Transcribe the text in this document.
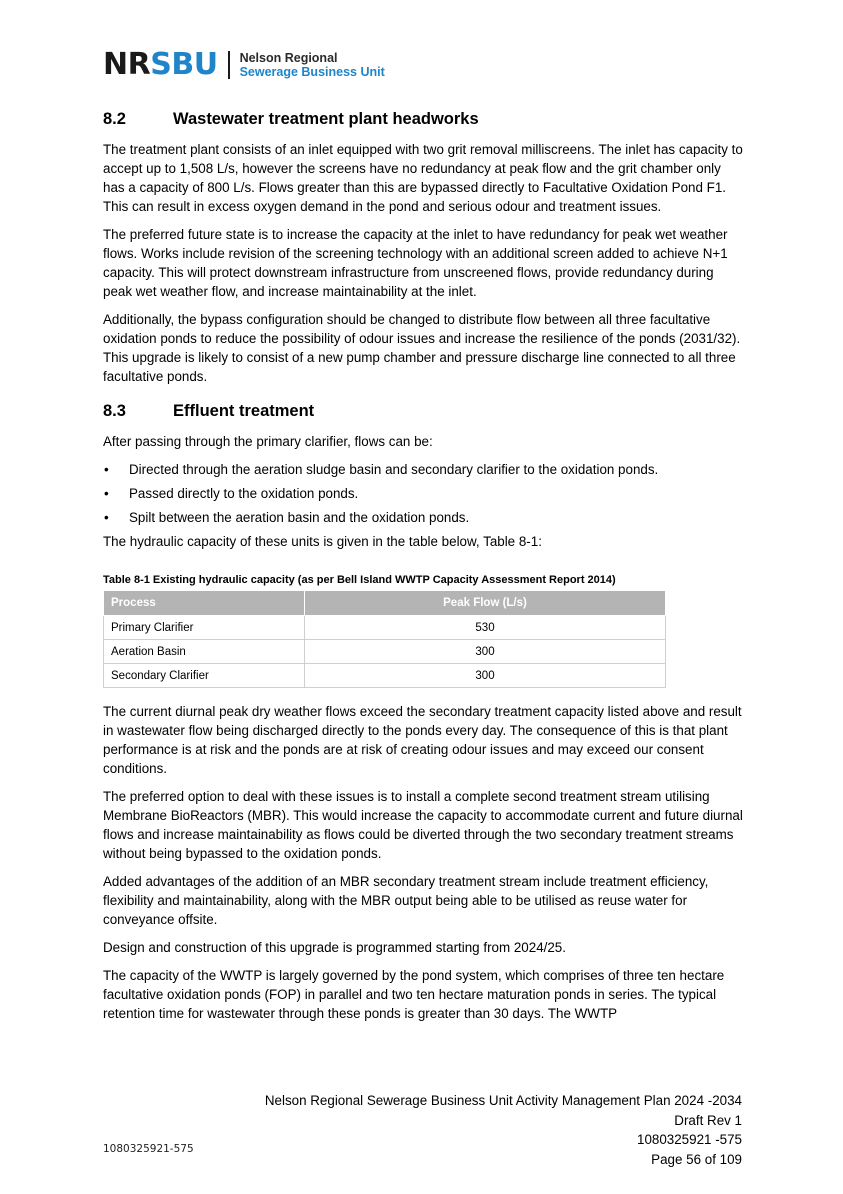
NRSBU Nelson Regional
Sewerage Business Unit
8.2	Wastewater treatment plant headworks

The treatment plant consists of an inlet equipped with two grit removal milliscreens. The inlet has capacity to accept up to 1,508 L/s, however the screens have no redundancy at peak flow and the grit chamber only has a capacity of 800 L/s. Flows greater than this are bypassed directly to Facultative Oxidation Pond F1. This can result in excess oxygen demand in the pond and serious odour and treatment issues.

The preferred future state is to increase the capacity at the inlet to have redundancy for peak wet weather flows. Works include revision of the screening technology with an additional screen added to achieve N+1 capacity. This will protect downstream infrastructure from unscreened flows, provide redundancy during peak wet weather flow, and increase maintainability at the inlet.

Additionally, the bypass configuration should be changed to distribute flow between all three facultative oxidation ponds to reduce the possibility of odour issues and increase the resilience of the ponds (2031/32). This upgrade is likely to consist of a new pump chamber and pressure discharge line connected to all three facultative ponds.

8.3	Effluent treatment

After passing through the primary clarifier, flows can be:

•	Directed through the aeration sludge basin and secondary clarifier to the oxidation ponds.
•	Passed directly to the oxidation ponds.
•	Spilt between the aeration basin and the oxidation ponds.

The hydraulic capacity of these units is given in the table below, Table 8-1:

Table 8-1 Existing hydraulic capacity (as per Bell Island WWTP Capacity Assessment Report 2014)
Process	Peak Flow (L/s)
Primary Clarifier	530
Aeration Basin	300
Secondary Clarifier	300

The current diurnal peak dry weather flows exceed the secondary treatment capacity listed above and result in wastewater flow being discharged directly to the ponds every day. The consequence of this is that plant performance is at risk and the ponds are at risk of creating odour issues and may exceed our consent conditions.

The preferred option to deal with these issues is to install a complete second treatment stream utilising Membrane BioReactors (MBR). This would increase the capacity to accommodate current and future diurnal flows and increase maintainability as flows could be diverted through the two secondary treatment streams without being bypassed to the oxidation ponds.

Added advantages of the addition of an MBR secondary treatment stream include treatment efficiency, flexibility and maintainability, along with the MBR output being able to be utilised as reuse water for conveyance offsite.

Design and construction of this upgrade is programmed starting from 2024/25.

The capacity of the WWTP is largely governed by the pond system, which comprises of three ten hectare facultative oxidation ponds (FOP) in parallel and two ten hectare maturation ponds in series. The typical retention time for wastewater through these ponds is greater than 30 days. The WWTP

Nelson Regional Sewerage Business Unit Activity Management Plan 2024 -2034
Draft Rev 1
1080325921 -575
Page 56 of 109
1080325921-575
